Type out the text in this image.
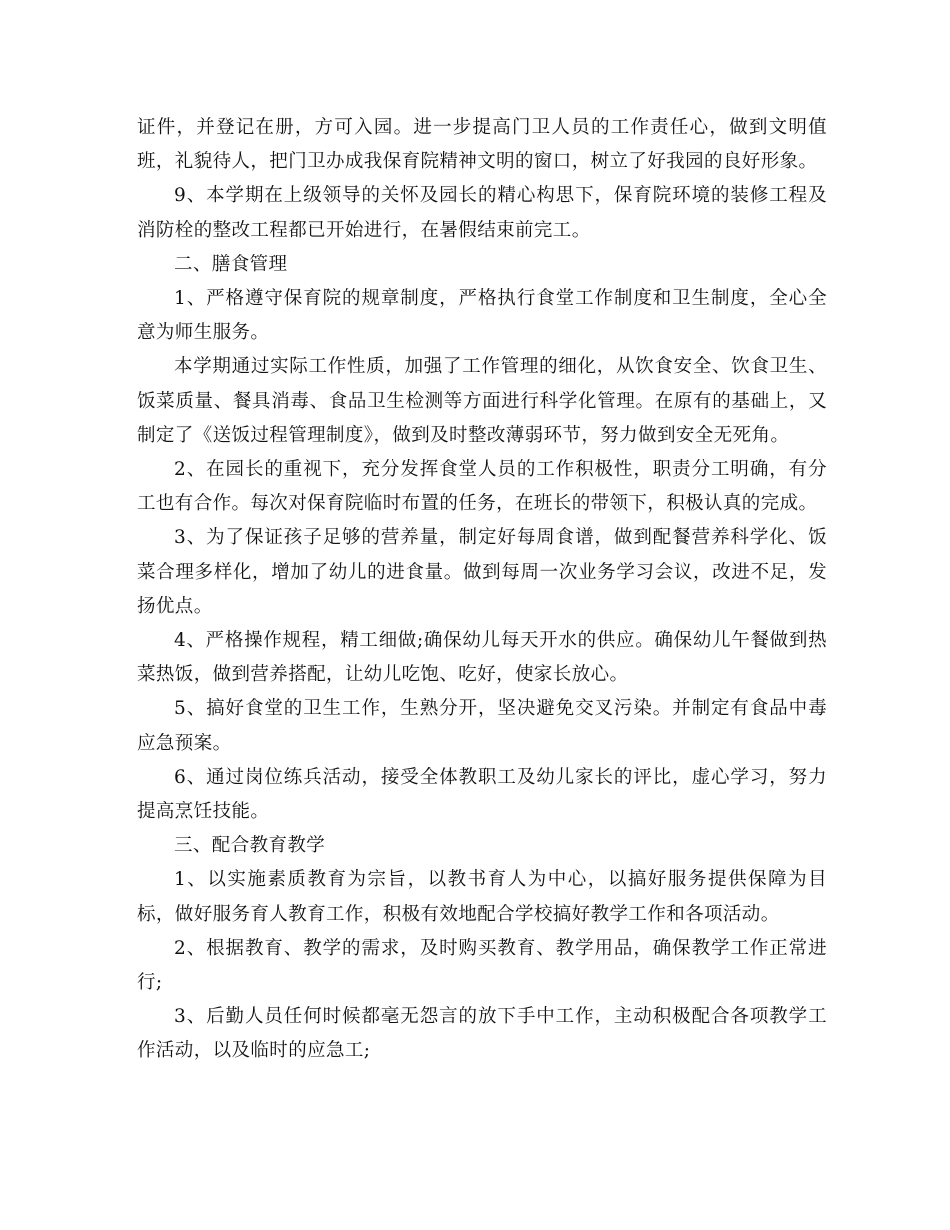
证件，并登记在册，方可入园。进一步提高门卫人员的工作责任心，做到文明值班，礼貌待人，把门卫办成我保育院精神文明的窗口，树立了好我园的良好形象。

9、本学期在上级领导的关怀及园长的精心构思下，保育院环境的装修工程及消防栓的整改工程都已开始进行，在暑假结束前完工。

二、膳食管理

1、严格遵守保育院的规章制度，严格执行食堂工作制度和卫生制度，全心全意为师生服务。

本学期通过实际工作性质，加强了工作管理的细化，从饮食安全、饮食卫生、饭菜质量、餐具消毒、食品卫生检测等方面进行科学化管理。在原有的基础上，又制定了《送饭过程管理制度》，做到及时整改薄弱环节，努力做到安全无死角。

2、在园长的重视下，充分发挥食堂人员的工作积极性，职责分工明确，有分工也有合作。每次对保育院临时布置的任务，在班长的带领下，积极认真的完成。

3、为了保证孩子足够的营养量，制定好每周食谱，做到配餐营养科学化、饭菜合理多样化，增加了幼儿的进食量。做到每周一次业务学习会议，改进不足，发扬优点。

4、严格操作规程，精工细做;确保幼儿每天开水的供应。确保幼儿午餐做到热菜热饭，做到营养搭配，让幼儿吃饱、吃好，使家长放心。

5、搞好食堂的卫生工作，生熟分开，坚决避免交叉污染。并制定有食品中毒应急预案。

6、通过岗位练兵活动，接受全体教职工及幼儿家长的评比，虚心学习，努力提高烹饪技能。

三、配合教育教学

1、以实施素质教育为宗旨，以教书育人为中心，以搞好服务提供保障为目标，做好服务育人教育工作，积极有效地配合学校搞好教学工作和各项活动。

2、根据教育、教学的需求，及时购买教育、教学用品，确保教学工作正常进行;

3、后勤人员任何时候都毫无怨言的放下手中工作，主动积极配合各项教学工作活动，以及临时的应急工;
